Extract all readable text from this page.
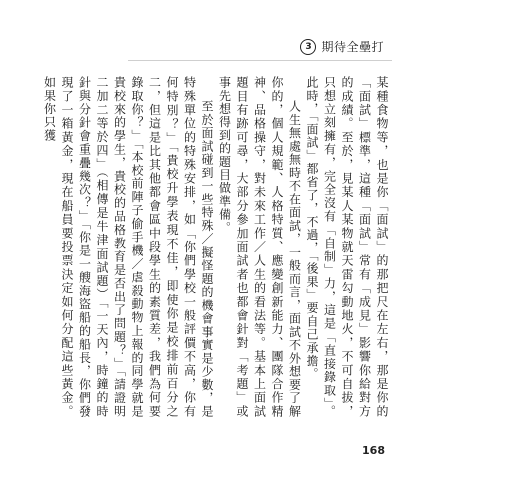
3 期待全壘打

某種食物等，也是你「面試」的那把尺在左右，那是你的「面試」標準，這種「面試」常有「成見」影響你給對方的成績。至於，見某人某物就天雷勾動地火，不可自拔，只想立刻擁有，完全沒有「自制」力，這是「直接錄取」。此時，「面試」都省了，不過，「後果」要自己承擔。

人生無處無時不在面試，一般而言，面試不外想要了解你的，個人規範、人格特質、應變創新能力、團隊合作精神、品格操守，對未來工作／人生的看法等。基本上面試題目有跡可尋，大部分參加面試者也都會針對「考題」或事先想得到的題目做準備。

至於面試碰到一些特殊／擬怪題的機會事實是少數，是特殊單位的特殊安排，如「你們學校一般評價不高，你有何特別？」「貴校升學表現不佳，即使你是校排前百分之二，但這是比其他都會區中段學生的素質差，我們為何要錄取你？」「本校前陣子偷手機／虐殺動物上報的同學就是貴校來的學生，貴校的品格教育是否出了問題？」「請證明二加二等於四」（相傳是牛津面試題）「一天內，時鐘的時針與分針會重疊幾次？」「你是一艘海盜船的船長，你們發現了一箱黃金，現在船員要投票決定如何分配這些黃金。如果你只獲

168
